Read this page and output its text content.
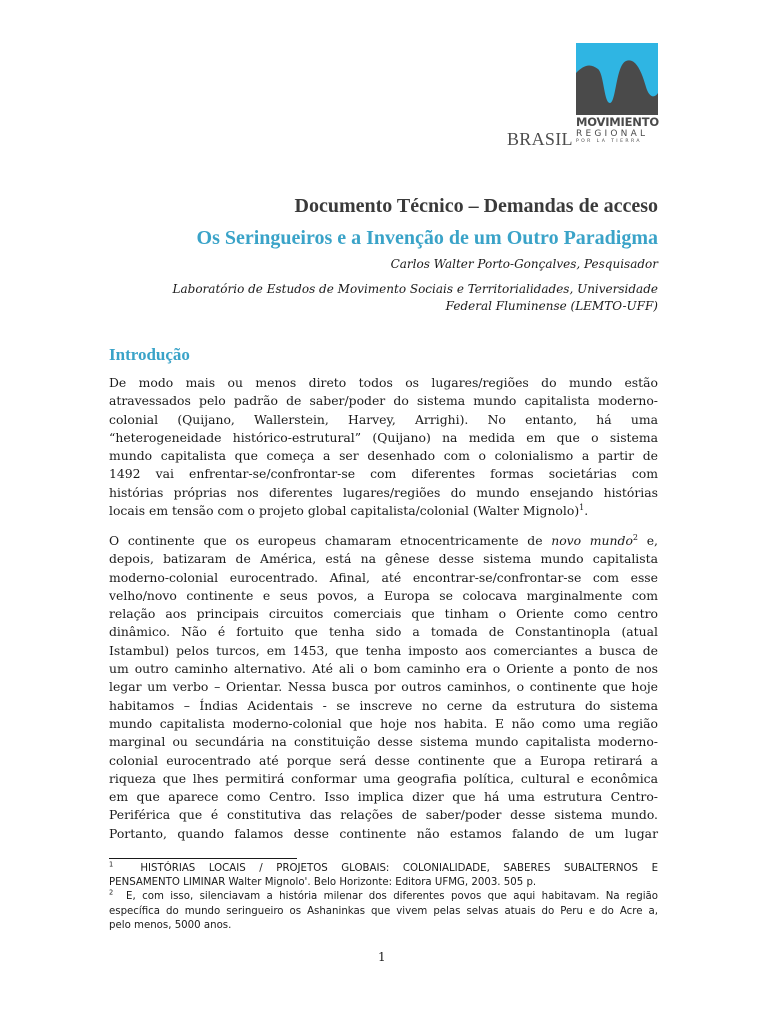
MOVIMIENTO
REGIONAL
POR LA TIERRA
BRASIL
Documento Técnico – Demandas de acceso
Os Seringueiros e a Invenção de um Outro Paradigma
Carlos Walter Porto-Gonçalves, Pesquisador
Laboratório de Estudos de Movimento Sociais e Territorialidades, Universidade
Federal Fluminense (LEMTO-UFF)
Introdução
De modo mais ou menos direto todos os lugares/regiões do mundo estão
atravessados pelo padrão de saber/poder do sistema mundo capitalista moderno-
colonial (Quijano, Wallerstein, Harvey, Arrighi). No entanto, há uma
“heterogeneidade histórico-estrutural” (Quijano) na medida em que o sistema
mundo capitalista que começa a ser desenhado com o colonialismo a partir de
1492 vai enfrentar-se/confrontar-se com diferentes formas societárias com
histórias próprias nos diferentes lugares/regiões do mundo ensejando histórias
locais em tensão com o projeto global capitalista/colonial (Walter Mignolo)$^1$.
O continente que os europeus chamaram etnocentricamente de novo mundo$^2$ e,
depois, batizaram de América, está na gênese desse sistema mundo capitalista
moderno-colonial eurocentrado. Afinal, até encontrar-se/confrontar-se com esse
velho/novo continente e seus povos, a Europa se colocava marginalmente com
relação aos principais circuitos comerciais que tinham o Oriente como centro
dinâmico. Não é fortuito que tenha sido a tomada de Constantinopla (atual
Istambul) pelos turcos, em 1453, que tenha imposto aos comerciantes a busca de
um outro caminho alternativo. Até ali o bom caminho era o Oriente a ponto de nos
legar um verbo – Orientar. Nessa busca por outros caminhos, o continente que hoje
habitamos – Índias Acidentais - se inscreve no cerne da estrutura do sistema
mundo capitalista moderno-colonial que hoje nos habita. E não como uma região
marginal ou secundária na constituição desse sistema mundo capitalista moderno-
colonial eurocentrado até porque será desse continente que a Europa retirará a
riqueza que lhes permitirá conformar uma geografia política, cultural e econômica
em que aparece como Centro. Isso implica dizer que há uma estrutura Centro-
Periférica que é constitutiva das relações de saber/poder desse sistema mundo.
Portanto, quando falamos desse continente não estamos falando de um lugar
$^1$	HISTÓRIAS LOCAIS / PROJETOS GLOBAIS: COLONIALIDADE, SABERES SUBALTERNOS E
PENSAMENTO LIMINAR Walter Mignolo'. Belo Horizonte: Editora UFMG, 2003. 505 p.
$^2$ E, com isso, silenciavam a história milenar dos diferentes povos que aqui habitavam. Na região
específica do mundo seringueiro os Ashaninkas que vivem pelas selvas atuais do Peru e do Acre a,
pelo menos, 5000 anos.
1
